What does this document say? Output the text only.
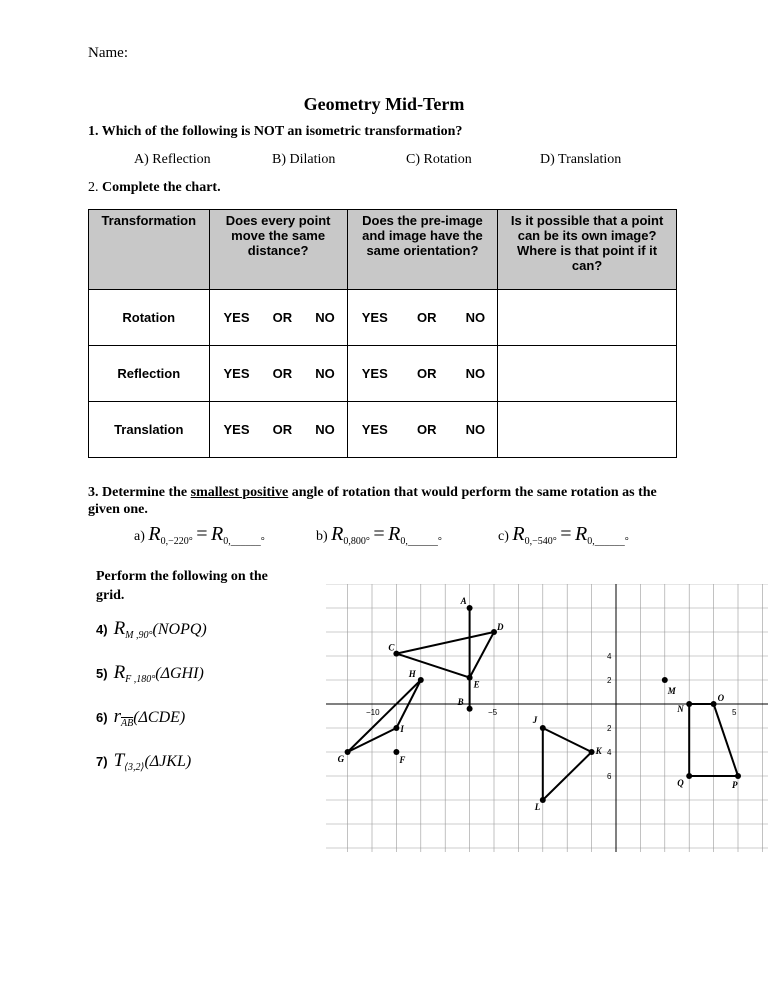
Name:
Geometry Mid-Term
1. Which of the following is NOT an isometric transformation?
A) Reflection	B) Dilation	C) Rotation	D) Translation
2. Complete the chart.
Transformation	Does every point move the same distance?	Does the pre-image and image have the same orientation?	Is it possible that a point can be its own image? Where is that point if it can?
Rotation	YES OR NO	YES OR NO	

Reflection	YES OR NO	YES OR NO	

Translation	YES OR NO	YES OR NO	

3. Determine the smallest positive angle of rotation that would perform the same rotation as the given one.
a) $R_{0,-220^\circ} = R_{0,\_\_\_\_\_\_^\circ}$	b) $R_{0,800^\circ} = R_{0,\_\_\_\_\_\_^\circ}$	c) $R_{0,-540^\circ} = R_{0,\_\_\_\_\_\_^\circ}$
Perform the following on the grid.
4) $R_{M ,90^\circ}(NOPQ)$
5) $R_{F ,180^\circ}(\Delta GHI)$
6) $r_{\overline{AB}}(\Delta CDE)$
7) $T_{⟨3,2⟩}(\Delta JKL)$
−10	−5	5
4
2
2
4
6
A
B
C
D
E
F
G
H
I
J
K
L
M
N
O
P
Q
